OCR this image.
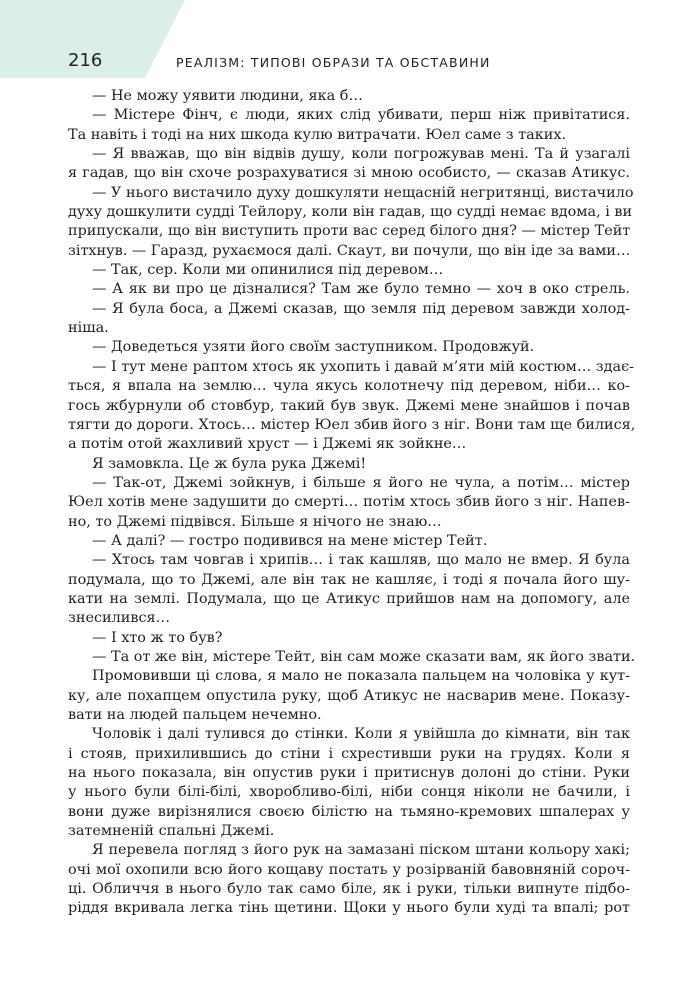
216	РЕАЛІЗМ: ТИПОВІ ОБРАЗИ ТА ОБСТАВИНИ
— Не можу уявити людини, яка б…
— Містере Фінч, є люди, яких слід убивати, перш ніж привітатися.
Та навіть і тоді на них шкода кулю витрачати. Юел саме з таких.
— Я вважав, що він відвів душу, коли погрожував мені. Та й узагалі
я гадав, що він схоче розрахуватися зі мною особисто, — сказав Атикус.
— У нього вистачило духу дошкуляти нещасній негритянці, вистачило
духу дошкулити судді Тейлору, коли він гадав, що судді немає вдома, і ви
припускали, що він виступить проти вас серед білого дня? — містер Тейт
зітхнув. — Гаразд, рухаємося далі. Скаут, ви почули, що він іде за вами…
— Так, сер. Коли ми опинилися під деревом…
— А як ви про це дізналися? Там же було темно — хоч в око стрель.
— Я була боса, а Джемі сказав, що земля під деревом завжди холод-
ніша.
— Доведеться узяти його своїм заступником. Продовжуй.
— І тут мене раптом хтось як ухопить і давай м’яти мій костюм… здає-
ться, я впала на землю… чула якусь колотнечу під деревом, ніби… ко-
гось жбурнули об стовбур, такий був звук. Джемі мене знайшов і почав
тягти до дороги. Хтось… містер Юел збив його з ніг. Вони там ще билися,
а потім отой жахливий хруст — і Джемі як зойкне…
Я замовкла. Це ж була рука Джемі!
— Так-от, Джемі зойкнув, і більше я його не чула, а потім… містер
Юел хотів мене задушити до смерті… потім хтось збив його з ніг. Напев-
но, то Джемі підвівся. Більше я нічого не знаю…
— А далі? — гостро подивився на мене містер Тейт.
— Хтось там човгав і хрипів… і так кашляв, що мало не вмер. Я була
подумала, що то Джемі, але він так не кашляє, і тоді я почала його шу-
кати на землі. Подумала, що це Атикус прийшов нам на допомогу, але
знесилився…
— І хто ж то був?
— Та от же він, містере Тейт, він сам може сказати вам, як його звати.
Промовивши ці слова, я мало не показала пальцем на чоловіка у кут-
ку, але похапцем опустила руку, щоб Атикус не насварив мене. Показу-
вати на людей пальцем нечемно.
Чоловік і далі тулився до стінки. Коли я увійшла до кімнати, він так
і стояв, прихилившись до стіни і схрестивши руки на грудях. Коли я
на нього показала, він опустив руки і притиснув долоні до стіни. Руки
у нього були білі-білі, хворобливо-білі, ніби сонця ніколи не бачили, і
вони дуже вирізнялися своєю білістю на тьмяно-кремових шпалерах у
затемненій спальні Джемі.
Я перевела погляд з його рук на замазані піском штани кольору хакі;
очі мої охопили всю його кощаву постать у розірваній бавовняній сороч-
ці. Обличчя в нього було так само біле, як і руки, тільки випнуте підбо-
ріддя вкривала легка тінь щетини. Щоки у нього були худі та впалі; рот
